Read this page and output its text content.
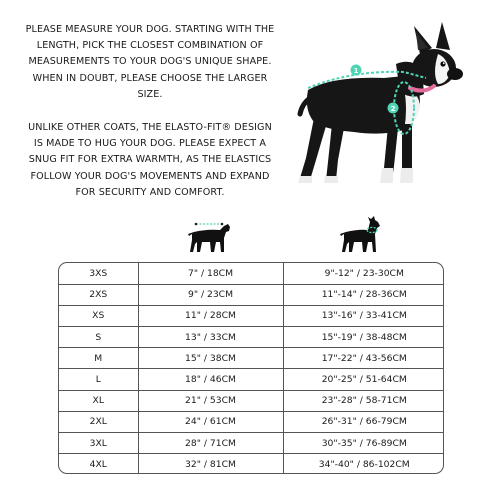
PLEASE MEASURE YOUR DOG. STARTING WITH THE LENGTH, PICK THE CLOSEST COMBINATION OF MEASUREMENTS TO YOUR DOG'S UNIQUE SHAPE. WHEN IN DOUBT, PLEASE CHOOSE THE LARGER SIZE.

UNLIKE OTHER COATS, THE ELASTO-FIT® DESIGN IS MADE TO HUG YOUR DOG. PLEASE EXPECT A SNUG FIT FOR EXTRA WARMTH, AS THE ELASTICS FOLLOW YOUR DOG'S MOVEMENTS AND EXPAND FOR SECURITY AND COMFORT.

1
2
3XS	7" / 18CM	9"-12" / 23-30CM
2XS	9" / 23CM	11"-14" / 28-36CM
XS	11" / 28CM	13"-16" / 33-41CM
S	13" / 33CM	15"-19" / 38-48CM
M	15" / 38CM	17"-22" / 43-56CM
L	18" / 46CM	20"-25" / 51-64CM
XL	21" / 53CM	23"-28" / 58-71CM
2XL	24" / 61CM	26"-31" / 66-79CM
3XL	28" / 71CM	30"-35" / 76-89CM
4XL	32" / 81CM	34"-40" / 86-102CM
